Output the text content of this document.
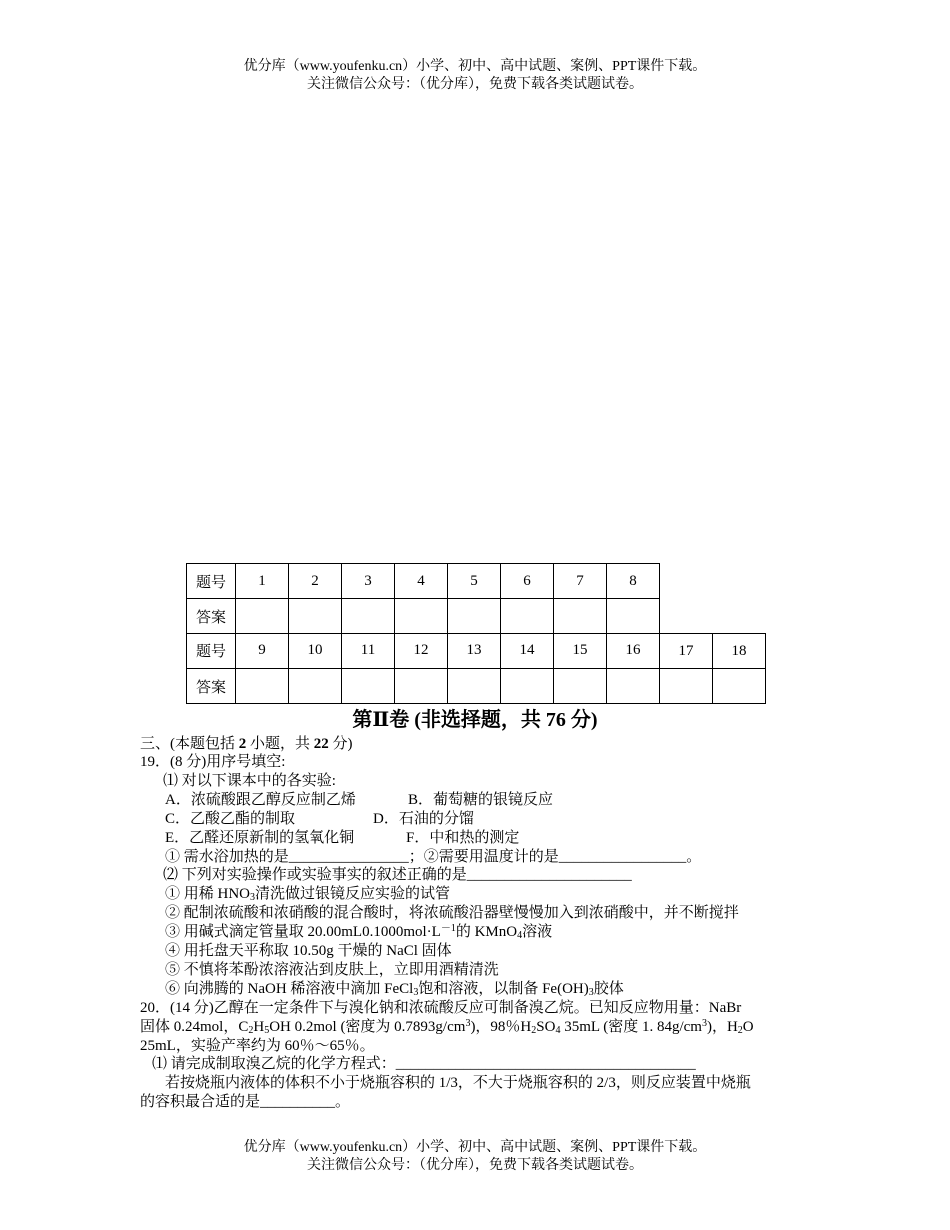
优分库（www.youfenku.cn）小学、初中、高中试题、案例、PPT课件下载。
关注微信公众号：（优分库），免费下载各类试题试卷。
题号	1	2	3	4	5	6	7	8
答案								
题号	9	10	11	12	13	14	15	16	17	18
答案										
第Ⅱ卷 (非选择题，共 76 分)
三、(本题包括 2 小题，共 22 分)
19．(8 分)用序号填空:
⑴ 对以下课本中的各实验:
A．浓硫酸跟乙醇反应制乙烯	B．葡萄糖的银镜反应
C．乙酸乙酯的制取	D．石油的分馏
E．乙醛还原新制的氢氧化铜	F．中和热的测定
① 需水浴加热的是________________；②需要用温度计的是_________________。
⑵ 下列对实验操作或实验事实的叙述正确的是______________________
① 用稀 $HNO_3$清洗做过银镜反应实验的试管
② 配制浓硫酸和浓硝酸的混合酸时，将浓硫酸沿器壁慢慢加入到浓硝酸中，并不断搅拌
③ 用碱式滴定管量取 $20.00mL0.1000mol\cdot L^{-1}$的 KMnO$_4$溶液
④ 用托盘天平称取 10.50g 干燥的 NaCl 固体
⑤ 不慎将苯酚浓溶液沾到皮肤上，立即用酒精清洗
⑥ 向沸腾的 NaOH 稀溶液中滴加 FeCl$_3$饱和溶液，以制备 $Fe(OH)_3$胶体
20．(14 分)乙醇在一定条件下与溴化钠和浓硫酸反应可制备溴乙烷。已知反应物用量：NaBr
固体 0.24mol，$C_2H_5OH$ 0.2mol (密度为 $0.7893g/cm^3$)，98％$H_2SO_4$ 35mL (密度 1. $84g/cm^3$)，$H_2O$
25mL，实验产率约为 60％～65％。
⑴ 请完成制取溴乙烷的化学方程式：________________________________________
若按烧瓶内液体的体积不小于烧瓶容积的 1/3，不大于烧瓶容积的 2/3，则反应装置中烧瓶
的容积最合适的是__________。
优分库（www.youfenku.cn）小学、初中、高中试题、案例、PPT课件下载。
关注微信公众号：（优分库），免费下载各类试题试卷。
